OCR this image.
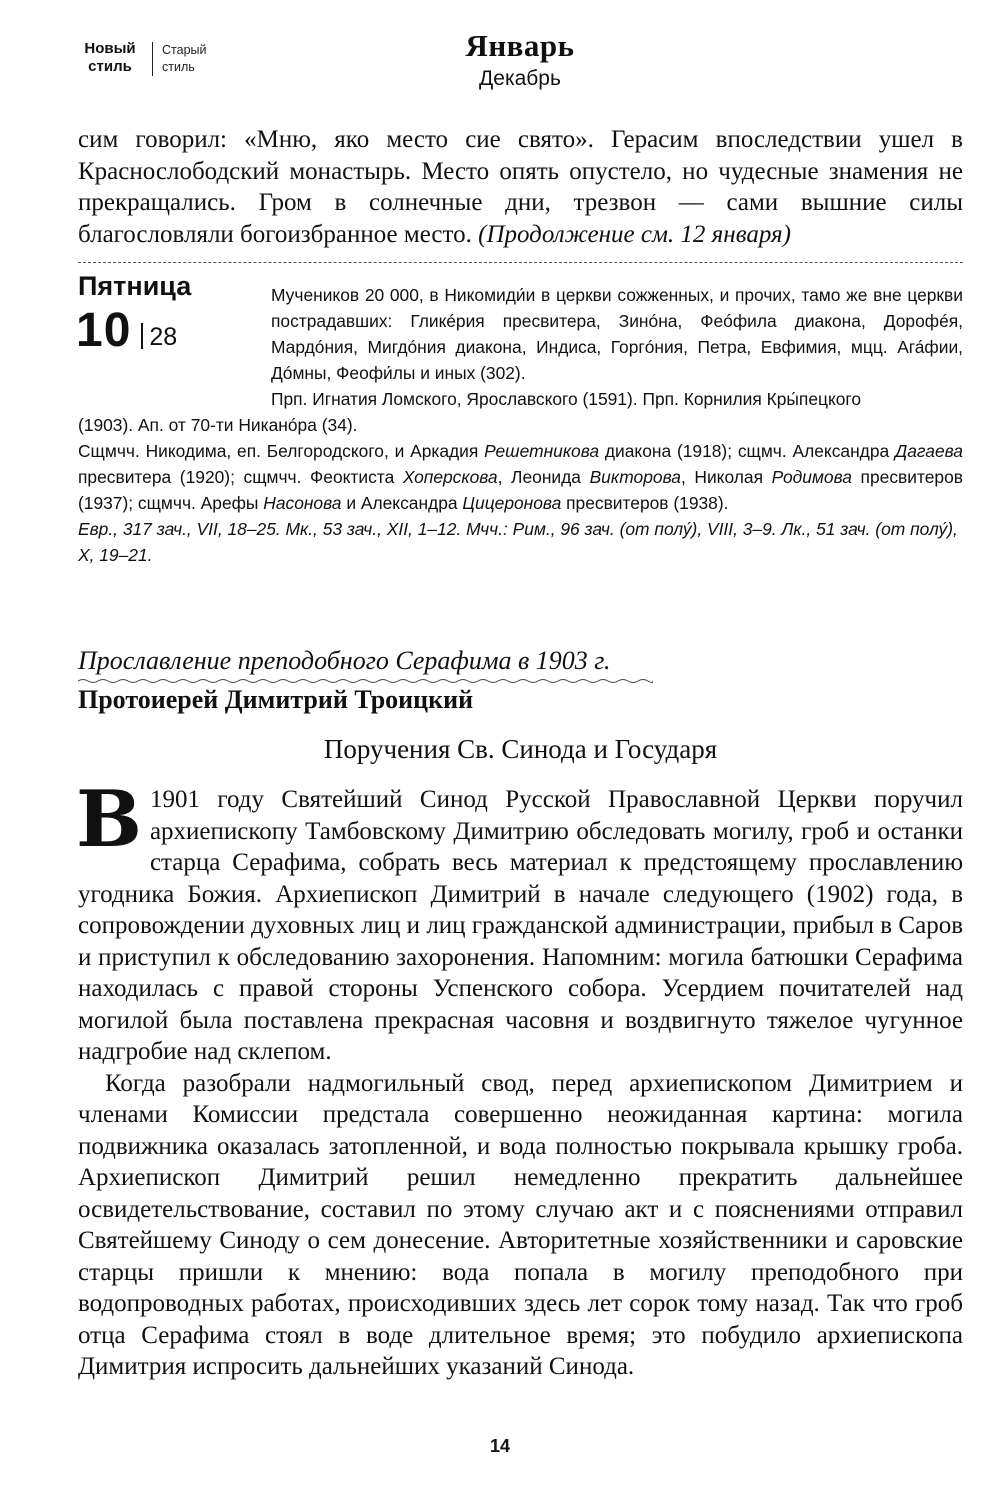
Новый стиль
Старый стиль
Январь
Декабрь
сим говорил: «Мню, яко место сие свято». Герасим впоследствии ушел в Краснослободский монастырь. Место опять опустело, но чудесные знамения не прекращались. Гром в солнечные дни, трезвон — сами вышние силы благословляли богоизбранное место. (Продолжение см. 12 января)
Пятница
10 28

Мучеников 20 000, в Никомиди́и в церкви сожженных, и прочих, тамо же вне церкви пострадавших: Гликéрия пресвитера, Зинóна, Феóфила диакона, Дорофéя, Мардóния, Мигдóния диакона, Индиса, Горгóния, Петра, Евфимия, мцц. Ага́фии, Дóмны, Феофи́лы и иных (302).

Прп. Игнатия Ломского, Ярославского (1591). Прп. Корнилия Кры́пецкого

(1903). Ап. от 70-ти Никанóра (34).

Сщмчч. Никодима, еп. Белгородского, и Аркадия Решетникова диакона (1918); сщмч. Александра Дагаева пресвитера (1920); сщмчч. Феоктиста Хоперскова, Леонида Викторова, Николая Родимова пресвитеров (1937); сщмчч. Арефы Насонова и Александра Цицеронова пресвитеров (1938).

Евр., 317 зач., VII, 18–25. Мк., 53 зач., XII, 1–12. Мчч.: Рим., 96 зач. (от полу́), VIII, 3–9. Лк., 51 зач. (от полу́), X, 19–21.

Прославление преподобного Серафима в 1903 г.
Протоиерей Димитрий Троицкий
Поручения Св. Синода и Государя

В 1901 году Святейший Синод Русской Православной Церкви поручил архиепископу Тамбовскому Димитрию обследовать могилу, гроб и останки старца Серафима, собрать весь материал к предстоящему прославлению угодника Божия. Архиепископ Димитрий в начале следующего (1902) года, в сопровождении духовных лиц и лиц гражданской администрации, прибыл в Саров и приступил к обследованию захоронения. Напомним: могила батюшки Серафима находилась с правой стороны Успенского собора. Усердием почитателей над могилой была поставлена прекрасная часовня и воздвигнуто тяжелое чугунное надгробие над склепом.

Когда разобрали надмогильный свод, перед архиепископом Димитрием и членами Комиссии предстала совершенно неожиданная картина: могила подвижника оказалась затопленной, и вода полностью покрывала крышку гроба. Архиепископ Димитрий решил немедленно прекратить дальнейшее освидетельствование, составил по этому случаю акт и с пояснениями отправил Святейшему Синоду о сем донесение. Авторитетные хозяйственники и саровские старцы пришли к мнению: вода попала в могилу преподобного при водопроводных работах, происходивших здесь лет сорок тому назад. Так что гроб отца Серафима стоял в воде длительное время; это побудило архиепископа Димитрия испросить дальнейших указаний Синода.

14
